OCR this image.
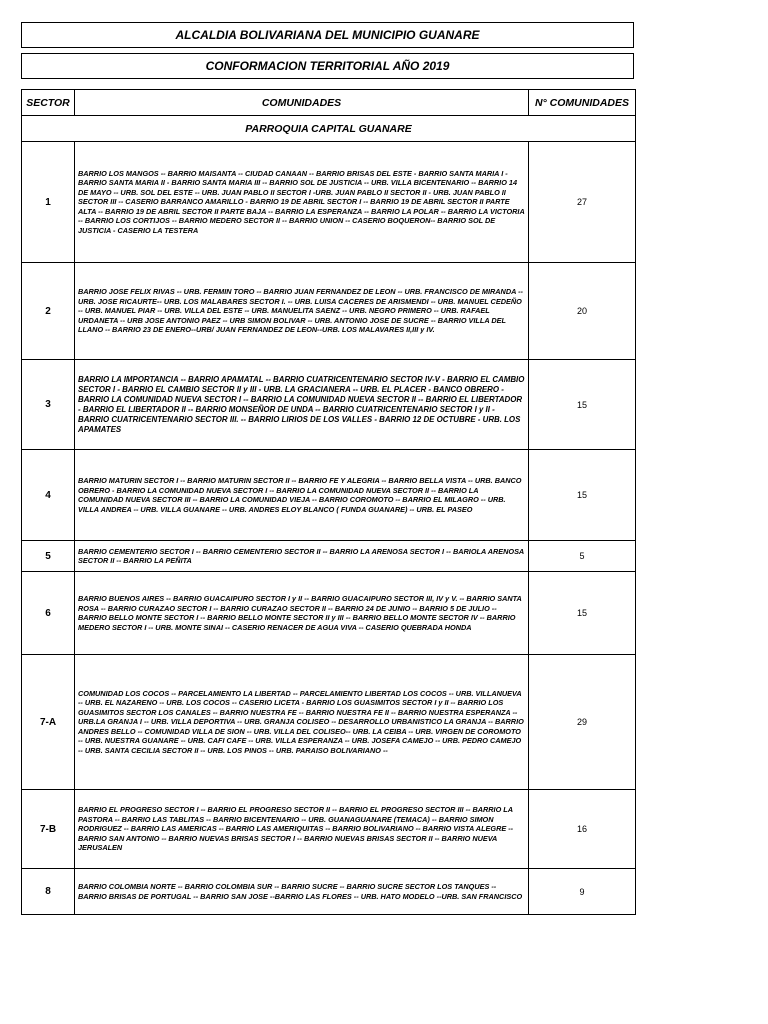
ALCALDIA BOLIVARIANA DEL MUNICIPIO GUANARE
CONFORMACION TERRITORIAL AÑO 2019
SECTOR	COMUNIDADES	N° COMUNIDADES
PARROQUIA CAPITAL GUANARE		
1	BARRIO LOS MANGOS -- BARRIO MAISANTA -- CIUDAD CANAAN -- BARRIO BRISAS DEL ESTE - BARRIO SANTA MARIA I - BARRIO SANTA MARIA II - BARRIO SANTA MARIA III -- BARRIO SOL DE JUSTICIA -- URB. VILLA BICENTENARIO -- BARRIO 14 DE MAYO -- URB. SOL DEL ESTE -- URB. JUAN PABLO II SECTOR I -URB. JUAN PABLO II SECTOR II - URB. JUAN PABLO II SECTOR III -- CASERIO BARRANCO AMARILLO - BARRIO 19 DE ABRIL SECTOR I -- BARRIO 19 DE ABRIL SECTOR II PARTE ALTA -- BARRIO 19 DE ABRIL SECTOR II PARTE BAJA -- BARRIO LA ESPERANZA -- BARRIO LA POLAR -- BARRIO LA VICTORIA -- BARRIO LOS CORTIJOS -- BARRIO MEDERO SECTOR II -- BARRIO UNION -- CASERIO BOQUERON-- BARRIO SOL DE JUSTICIA - CASERIO LA TESTERA	27
2	BARRIO JOSE FELIX RIVAS -- URB. FERMIN TORO -- BARRIO JUAN FERNANDEZ DE LEON -- URB. FRANCISCO DE MIRANDA -- URB. JOSE RICAURTE-- URB. LOS MALABARES SECTOR I. -- URB. LUISA CACERES DE ARISMENDI -- URB. MANUEL CEDEÑO -- URB. MANUEL PIAR -- URB. VILLA DEL ESTE -- URB. MANUELITA SAENZ -- URB. NEGRO PRIMERO -- URB. RAFAEL URDANETA -- URB JOSE ANTONIO PAEZ -- URB SIMON BOLIVAR -- URB. ANTONIO JOSE DE SUCRE -- BARRIO VILLA DEL LLANO -- BARRIO 23 DE ENERO--URB/ JUAN FERNANDEZ DE LEON--URB. LOS MALAVARES II,III y IV.	20
3	BARRIO LA IMPORTANCIA -- BARRIO APAMATAL -- BARRIO CUATRICENTENARIO SECTOR IV-V - BARRIO EL CAMBIO SECTOR I - BARRIO EL CAMBIO SECTOR II y III - URB. LA GRACIANERA -- URB. EL PLACER - BANCO OBRERO - BARRIO LA COMUNIDAD NUEVA SECTOR I -- BARRIO LA COMUNIDAD NUEVA SECTOR II -- BARRIO EL LIBERTADOR - BARRIO EL LIBERTADOR II -- BARRIO MONSEÑOR DE UNDA -- BARRIO CUATRICENTENARIO SECTOR I y II - BARRIO CUATRICENTENARIO SECTOR III. -- BARRIO LIRIOS DE LOS VALLES - BARRIO 12 DE OCTUBRE - URB. LOS APAMATES	15
4	BARRIO MATURIN SECTOR I -- BARRIO MATURIN SECTOR II -- BARRIO FE Y ALEGRIA -- BARRIO BELLA VISTA -- URB. BANCO OBRERO - BARRIO LA COMUNIDAD NUEVA SECTOR I -- BARRIO LA COMUNIDAD NUEVA SECTOR II -- BARRIO LA COMUNIDAD NUEVA SECTOR III -- BARRIO LA COMUNIDAD VIEJA -- BARRIO COROMOTO -- BARRIO EL MILAGRO -- URB. VILLA ANDREA -- URB. VILLA GUANARE -- URB. ANDRES ELOY BLANCO ( FUNDA GUANARE) -- URB. EL PASEO	15
5	BARRIO CEMENTERIO SECTOR I -- BARRIO CEMENTERIO SECTOR II -- BARRIO LA ARENOSA SECTOR I -- BARIOLA ARENOSA SECTOR II -- BARRIO LA PEÑITA	5
6	BARRIO BUENOS AIRES -- BARRIO GUACAIPURO SECTOR I y II -- BARRIO GUACAIPURO SECTOR III, IV y V. -- BARRIO SANTA ROSA -- BARRIO CURAZAO SECTOR I -- BARRIO CURAZAO SECTOR II -- BARRIO 24 DE JUNIO -- BARRIO 5 DE JULIO -- BARRIO BELLO MONTE SECTOR I -- BARRIO BELLO MONTE SECTOR II y III -- BARRIO BELLO MONTE SECTOR IV -- BARRIO MEDERO SECTOR I -- URB. MONTE SINAI -- CASERIO RENACER DE AGUA VIVA -- CASERIO QUEBRADA HONDA	15
7-A	COMUNIDAD LOS COCOS -- PARCELAMIENTO LA LIBERTAD -- PARCELAMIENTO LIBERTAD LOS COCOS -- URB. VILLANUEVA -- URB. EL NAZARENO -- URB. LOS COCOS -- CASERIO LICETA - BARRIO LOS GUASIMITOS SECTOR I y II -- BARRIO LOS GUASIMITOS SECTOR LOS CANALES -- BARRIO NUESTRA FE -- BARRIO NUESTRA FE II -- BARRIO NUESTRA ESPERANZA -- URB.LA GRANJA I -- URB. VILLA DEPORTIVA -- URB. GRANJA COLISEO -- DESARROLLO URBANISTICO LA GRANJA -- BARRIO ANDRES BELLO -- COMUNIDAD VILLA DE SION -- URB. VILLA DEL COLISEO-- URB. LA CEIBA -- URB. VIRGEN DE COROMOTO -- URB. NUESTRA GUANARE -- URB. CAFI CAFE -- URB. VILLA ESPERANZA -- URB. JOSEFA CAMEJO -- URB. PEDRO CAMEJO -- URB. SANTA CECILIA SECTOR II -- URB. LOS PINOS -- URB. PARAISO BOLIVARIANO --	29
7-B	BARRIO EL PROGRESO SECTOR I -- BARRIO EL PROGRESO SECTOR II -- BARRIO EL PROGRESO SECTOR III -- BARRIO LA PASTORA -- BARRIO LAS TABLITAS -- BARRIO BICENTENARIO -- URB. GUANAGUANARE (TEMACA) -- BARRIO SIMON RODRIGUEZ -- BARRIO LAS AMERICAS -- BARRIO LAS AMERIQUITAS -- BARRIO BOLIVARIANO -- BARRIO VISTA ALEGRE -- BARRIO SAN ANTONIO -- BARRIO NUEVAS BRISAS SECTOR I -- BARRIO NUEVAS BRISAS SECTOR II -- BARRIO NUEVA JERUSALEN	16
8	BARRIO COLOMBIA NORTE -- BARRIO COLOMBIA SUR -- BARRIO SUCRE -- BARRIO SUCRE SECTOR LOS TANQUES -- BARRIO BRISAS DE PORTUGAL -- BARRIO SAN JOSE --BARRIO LAS FLORES -- URB. HATO MODELO --URB. SAN FRANCISCO	9
